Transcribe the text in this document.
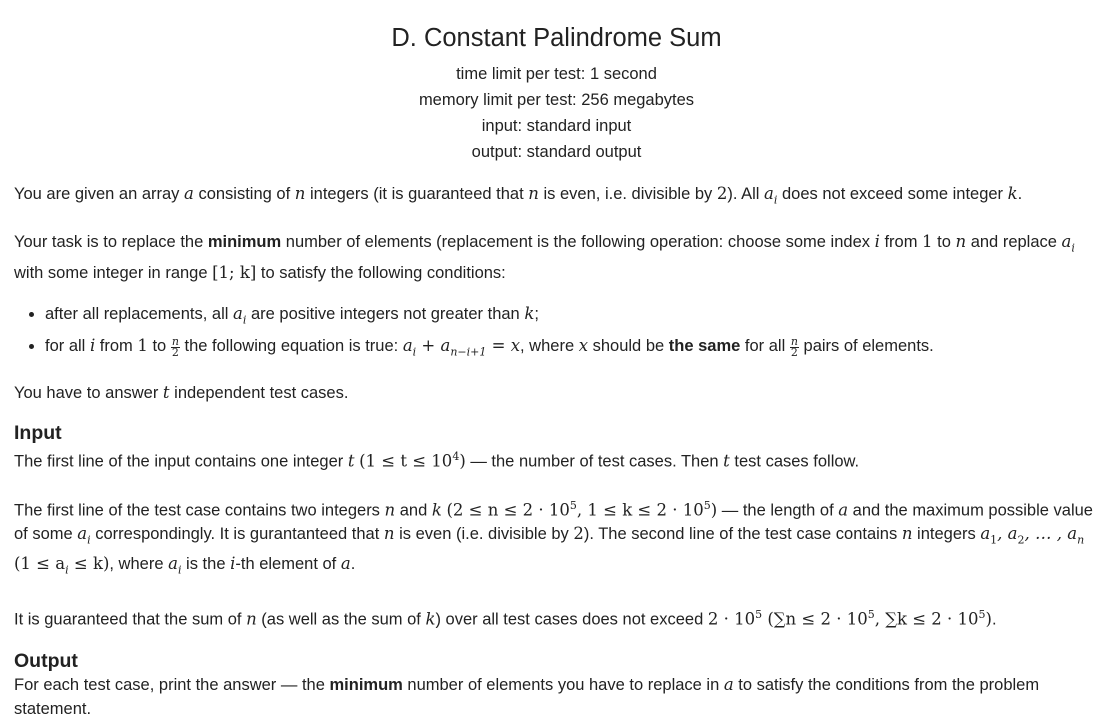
D. Constant Palindrome Sum
time limit per test: 1 second
memory limit per test: 256 megabytes
input: standard input
output: standard output

You are given an array a consisting of n integers (it is guaranteed that n is even, i.e. divisible by 2). All $a_i$ does not exceed some integer k.

Your task is to replace the minimum number of elements (replacement is the following operation: choose some index i from 1 to n and replace $a_i$ with some integer in range [1; k] to satisfy the following conditions:

• after all replacements, all $a_i$ are positive integers not greater than k;
• for all i from 1 to $\frac{n}{2}$ the following equation is true: $a_i + a_{n-i+1} = x$, where x should be the same for all $\frac{n}{2}$ pairs of elements.

You have to answer t independent test cases.

Input

The first line of the input contains one integer t $(1 \le t \le 10^4)$ — the number of test cases. Then t test cases follow.

The first line of the test case contains two integers n and k ($2 \le n \le 2 \cdot 10^5$, $1 \le k \le 2 \cdot 10^5$) — the length of a and the maximum possible value of some $a_i$ correspondingly. It is gurantanteed that n is even (i.e. divisible by 2). The second line of the test case contains n integers $a_1$, $a_2$, … , $a_n$ $(1 \le a_i \le k)$, where $a_i$ is the i-th element of a.

It is guaranteed that the sum of n (as well as the sum of k) over all test cases does not exceed $2 \cdot 10^5$ ($\sum n \le 2 \cdot 10^5$, $\sum k \le 2 \cdot 10^5$).

Output

For each test case, print the answer — the minimum number of elements you have to replace in a to satisfy the conditions from the problem statement.
